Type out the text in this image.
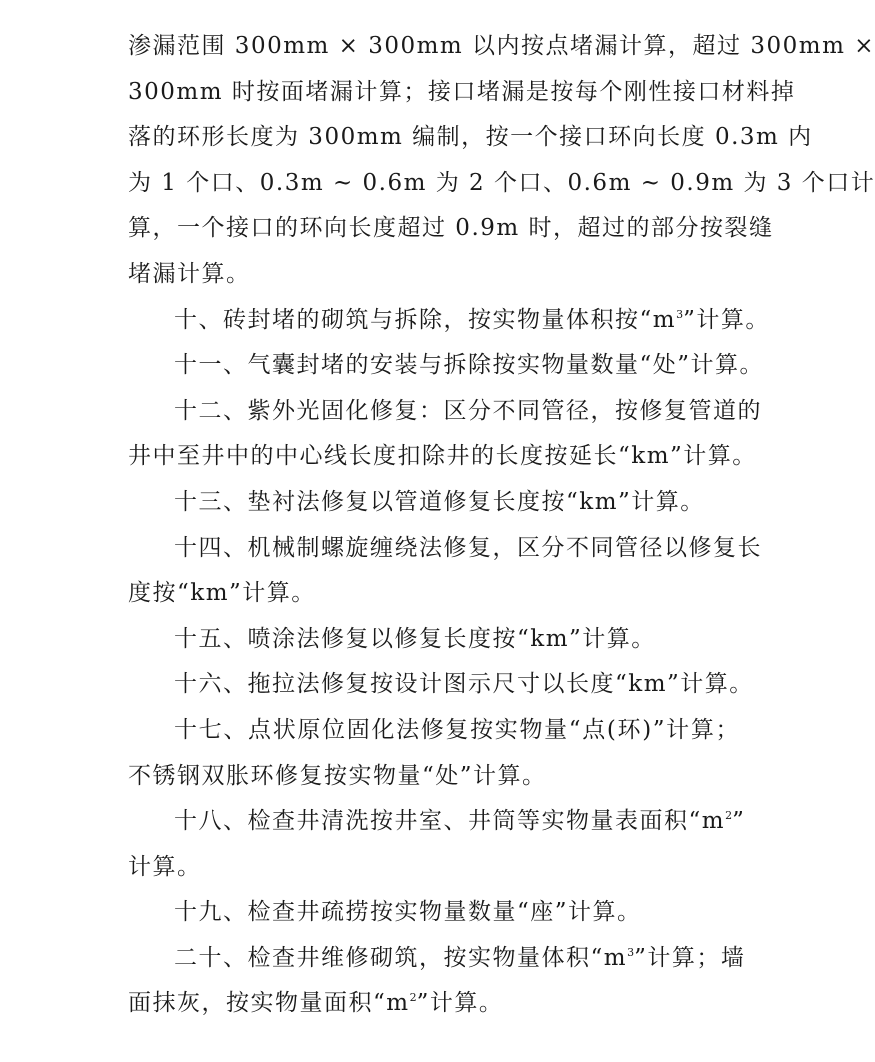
渗漏范围 300mm × 300mm 以内按点堵漏计算，超过 300mm ×
300mm 时按面堵漏计算；接口堵漏是按每个刚性接口材料掉
落的环形长度为 300mm 编制，按一个接口环向长度 0.3m 内
为 1 个口、0.3m ~ 0.6m 为 2 个口、0.6m ~ 0.9m 为 3 个口计
算，一个接口的环向长度超过 0.9m 时，超过的部分按裂缝
堵漏计算。
十、砖封堵的砌筑与拆除，按实物量体积按“$m^3$”计算。
十一、气囊封堵的安装与拆除按实物量数量“处”计算。
十二、紫外光固化修复：区分不同管径，按修复管道的
井中至井中的中心线长度扣除井的长度按延长“km”计算。
十三、垫衬法修复以管道修复长度按“km”计算。
十四、机械制螺旋缠绕法修复，区分不同管径以修复长
度按“km”计算。
十五、喷涂法修复以修复长度按“km”计算。
十六、拖拉法修复按设计图示尺寸以长度“km”计算。
十七、点状原位固化法修复按实物量“点(环)”计算；
不锈钢双胀环修复按实物量“处”计算。
十八、检查井清洗按井室、井筒等实物量表面积“$m^2$”
计算。
十九、检查井疏捞按实物量数量“座”计算。
二十、检查井维修砌筑，按实物量体积“$m^3$”计算；墙
面抹灰，按实物量面积“$m^2$”计算。
